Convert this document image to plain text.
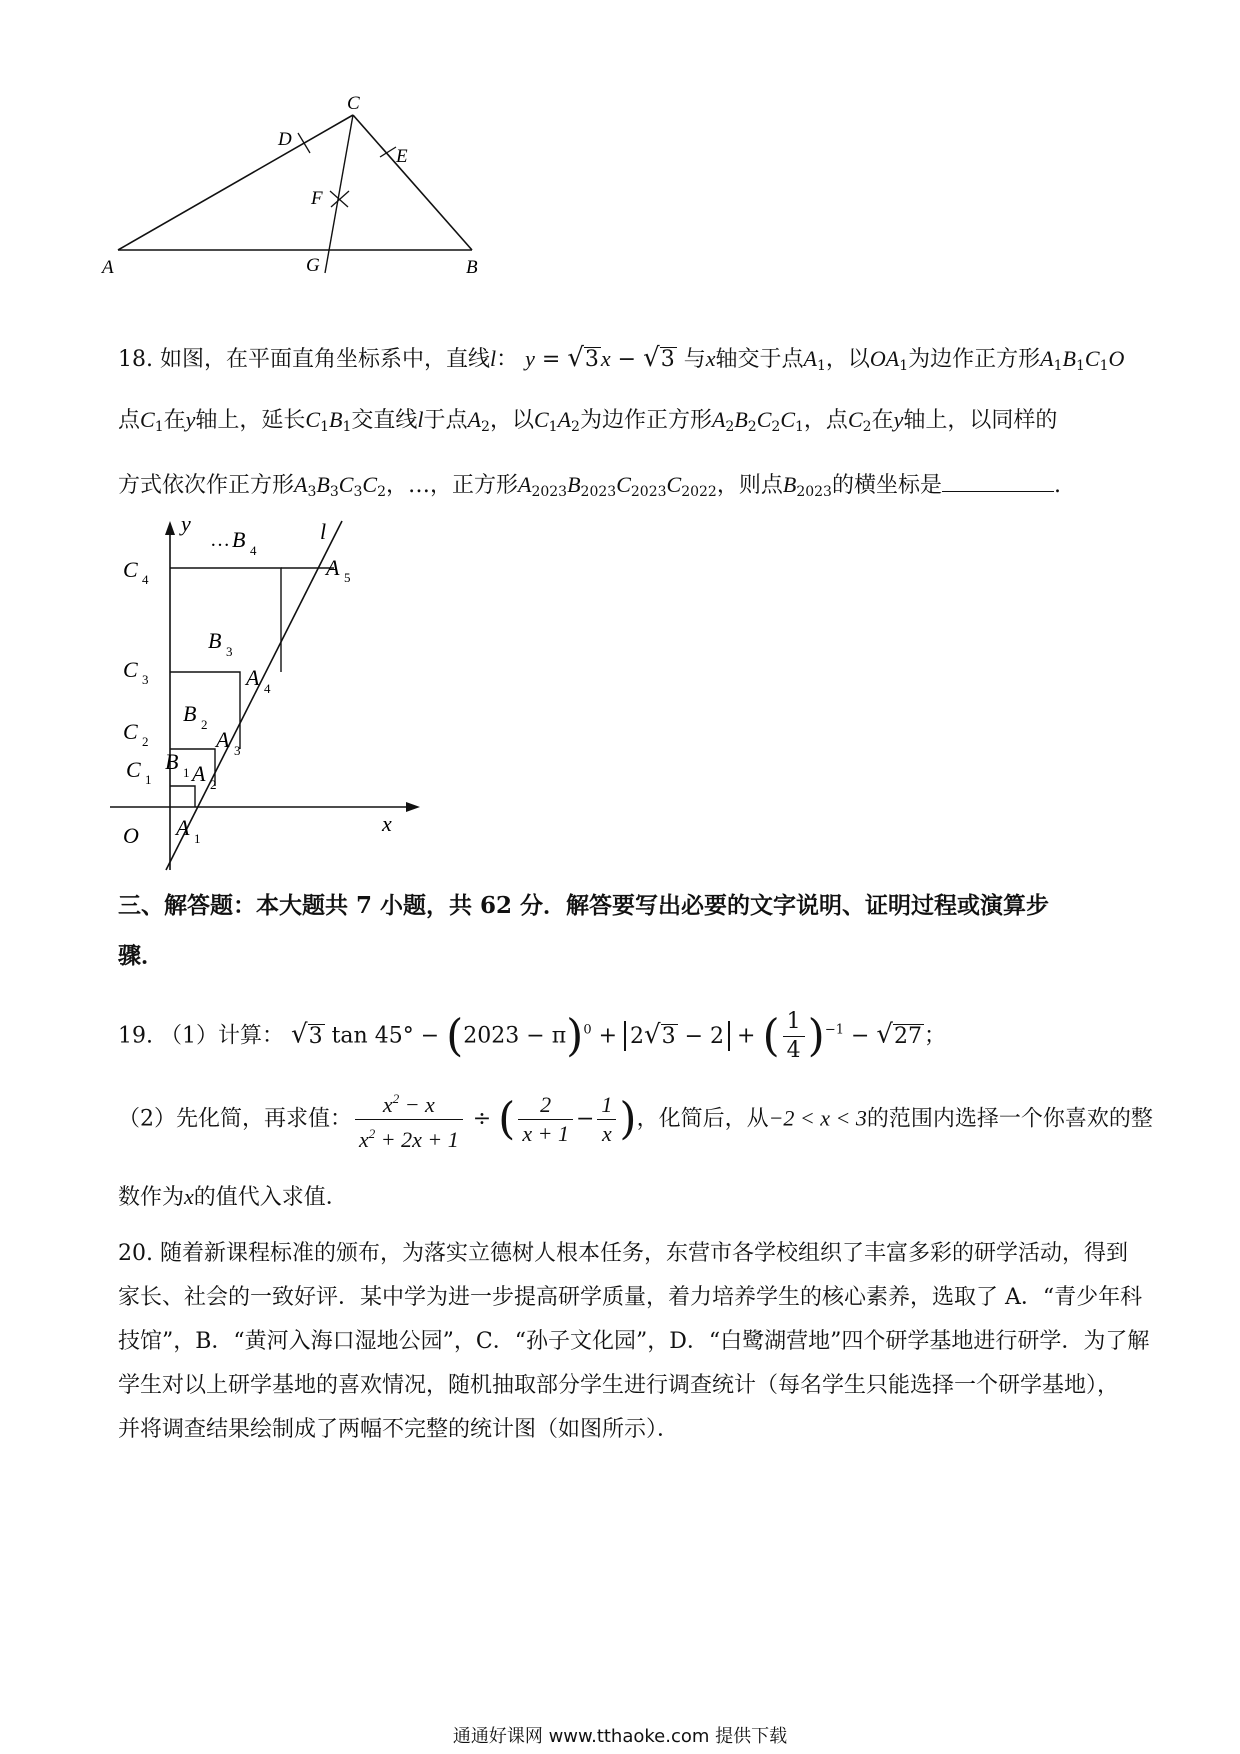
C
D
E
F
A	G	B
18. 如图，在平面直角坐标系中，直线l： y = √3x − √3 与x轴交于点$A_1$，以$OA_1$为边作正方形$A_1B_1C_1O$
点$C_1$在y轴上，延长$C_1B_1$交直线l于点$A_2$，以$C_1A_2$为边作正方形$A_2B_2C_2C_1$，点$C_2$在y轴上，以同样的
方式依次作正方形$A_3B_3C_3C_2$，…，正方形$A_{2023}B_{2023}C_{2023}C_{2022}$，则点$B_{2023}$的横坐标是	.
y
x
l
O
C 4
C 3
C 2
C 1
… B 4
B 3
B 2
B 1
A 5
A 4
A 3
A 2
A 1
三、解答题：本大题共 7 小题，共 62 分．解答要写出必要的文字说明、证明过程或演算步
骤．
19. （1）计算： √3 $\tan 45^\circ - (2023 - \pi)^0 + 2√3 - 2$ + ( $\frac{1}{4} )^{-1} - √27$；
（2）先化简，再求值： $\frac{x^2 - x}{x^2 + 2x + 1}$ ÷ ( $\frac{2}{x + 1} - \frac{1}{x}$ )，化简后，从−2 < x < 3的范围内选择一个你喜欢的整
数作为x的值代入求值．
20. 随着新课程标准的颁布，为落实立德树人根本任务，东营市各学校组织了丰富多彩的研学活动，得到
家长、社会的一致好评．某中学为进一步提高研学质量，着力培养学生的核心素养，选取了 A．“青少年科
技馆”，B．“黄河入海口湿地公园”，C．“孙子文化园”，D．“白鹭湖营地”四个研学基地进行研学．为了解
学生对以上研学基地的喜欢情况，随机抽取部分学生进行调查统计（每名学生只能选择一个研学基地），
并将调查结果绘制成了两幅不完整的统计图（如图所示）．
通通好课网 www.tthaoke.com 提供下载
